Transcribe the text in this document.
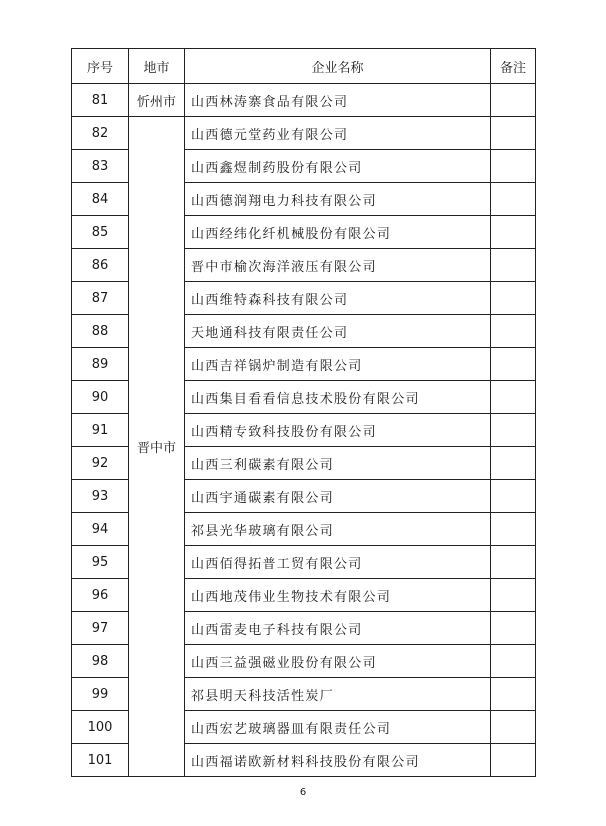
序号	地市	企业名称	备注
81	忻州市	山西林涛寨食品有限公司	
82	晋中市	山西德元堂药业有限公司	
83		山西鑫煜制药股份有限公司	
84		山西德润翔电力科技有限公司	
85		山西经纬化纤机械股份有限公司	
86		晋中市榆次海洋液压有限公司	
87		山西维特森科技有限公司	
88		天地通科技有限责任公司	
89		山西吉祥锅炉制造有限公司	
90		山西集目看看信息技术股份有限公司	
91		山西精专致科技股份有限公司	
92		山西三利碳素有限公司	
93		山西宇通碳素有限公司	
94		祁县光华玻璃有限公司	
95		山西佰得拓普工贸有限公司	
96		山西地茂伟业生物技术有限公司	
97		山西雷麦电子科技有限公司	
98		山西三益强磁业股份有限公司	
99		祁县明天科技活性炭厂	
100		山西宏艺玻璃器皿有限责任公司	
101		山西福诺欧新材料科技股份有限公司	
6
